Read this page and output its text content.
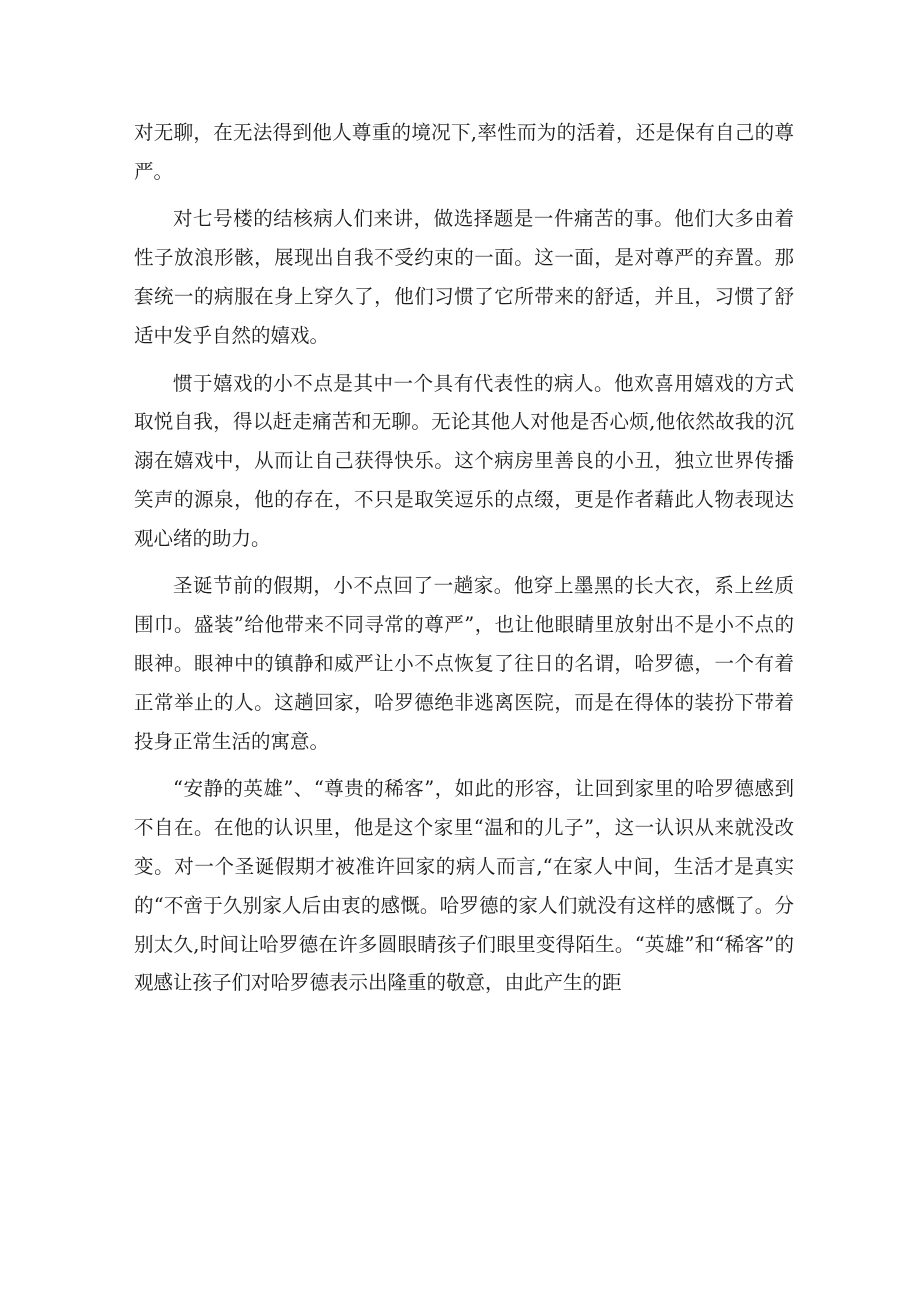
对无聊，在无法得到他人尊重的境况下,率性而为的活着，还是保有自己的尊严。

对七号楼的结核病人们来讲，做选择题是一件痛苦的事。他们大多由着性子放浪形骸，展现出自我不受约束的一面。这一面，是对尊严的弃置。那套统一的病服在身上穿久了，他们习惯了它所带来的舒适，并且，习惯了舒适中发乎自然的嬉戏。

惯于嬉戏的小不点是其中一个具有代表性的病人。他欢喜用嬉戏的方式取悦自我，得以赶走痛苦和无聊。无论其他人对他是否心烦,他依然故我的沉溺在嬉戏中，从而让自己获得快乐。这个病房里善良的小丑，独立世界传播笑声的源泉，他的存在，不只是取笑逗乐的点缀，更是作者藉此人物表现达观心绪的助力。

圣诞节前的假期，小不点回了一趟家。他穿上墨黑的长大衣，系上丝质围巾。盛装”给他带来不同寻常的尊严”，也让他眼睛里放射出不是小不点的眼神。眼神中的镇静和威严让小不点恢复了往日的名谓，哈罗德，一个有着正常举止的人。这趟回家，哈罗德绝非逃离医院，而是在得体的装扮下带着投身正常生活的寓意。

“安静的英雄”、“尊贵的稀客”，如此的形容，让回到家里的哈罗德感到不自在。在他的认识里，他是这个家里“温和的儿子”，这一认识从来就没改变。对一个圣诞假期才被准许回家的病人而言,“在家人中间，生活才是真实的“不啻于久别家人后由衷的感慨。哈罗德的家人们就没有这样的感慨了。分别太久,时间让哈罗德在许多圆眼睛孩子们眼里变得陌生。“英雄”和“稀客”的观感让孩子们对哈罗德表示出隆重的敬意，由此产生的距
